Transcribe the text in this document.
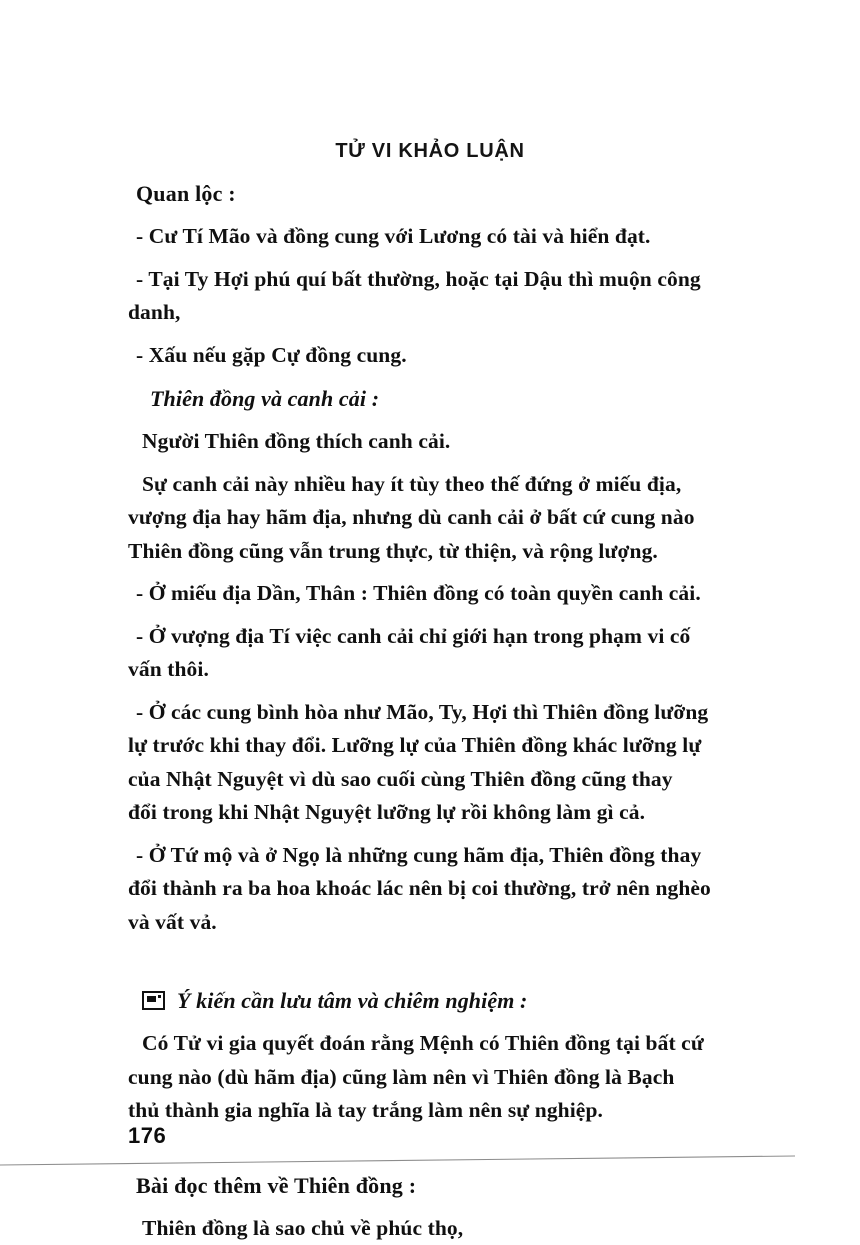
TỬ VI KHẢO LUẬN
Quan lộc :
- Cư Tí Mão và đồng cung với Lương có tài và hiển đạt.
- Tại Ty Hợi phú quí bất thường, hoặc tại Dậu thì muộn công
danh,
- Xấu nếu gặp Cự đồng cung.
Thiên đồng và canh cải :
Người Thiên đồng thích canh cải.
Sự canh cải này nhiều hay ít tùy theo thế đứng ở miếu địa,
vượng địa hay hãm địa, nhưng dù canh cải ở bất cứ cung nào
Thiên đồng cũng vẫn trung thực, từ thiện, và rộng lượng.
- Ở miếu địa Dần, Thân : Thiên đồng có toàn quyền canh cải.
- Ở vượng địa Tí việc canh cải chỉ giới hạn trong phạm vi cố
vấn thôi.
- Ở các cung bình hòa như Mão, Ty, Hợi thì Thiên đồng lưỡng
lự trước khi thay đổi. Lưỡng lự của Thiên đồng khác lưỡng lự
của Nhật Nguyệt vì dù sao cuối cùng Thiên đồng cũng thay
đổi trong khi Nhật Nguyệt lưỡng lự rồi không làm gì cả.
- Ở Tứ mộ và ở Ngọ là những cung hãm địa, Thiên đồng thay
đổi thành ra ba hoa khoác lác nên bị coi thường, trở nên nghèo
và vất vả.
Ý kiến cần lưu tâm và chiêm nghiệm :
Có Tử vi gia quyết đoán rằng Mệnh có Thiên đồng tại bất cứ
cung nào (dù hãm địa) cũng làm nên vì Thiên đồng là Bạch
thủ thành gia nghĩa là tay trắng làm nên sự nghiệp.
Bài đọc thêm về Thiên đồng :
Thiên đồng là sao chủ về phúc thọ,
176
